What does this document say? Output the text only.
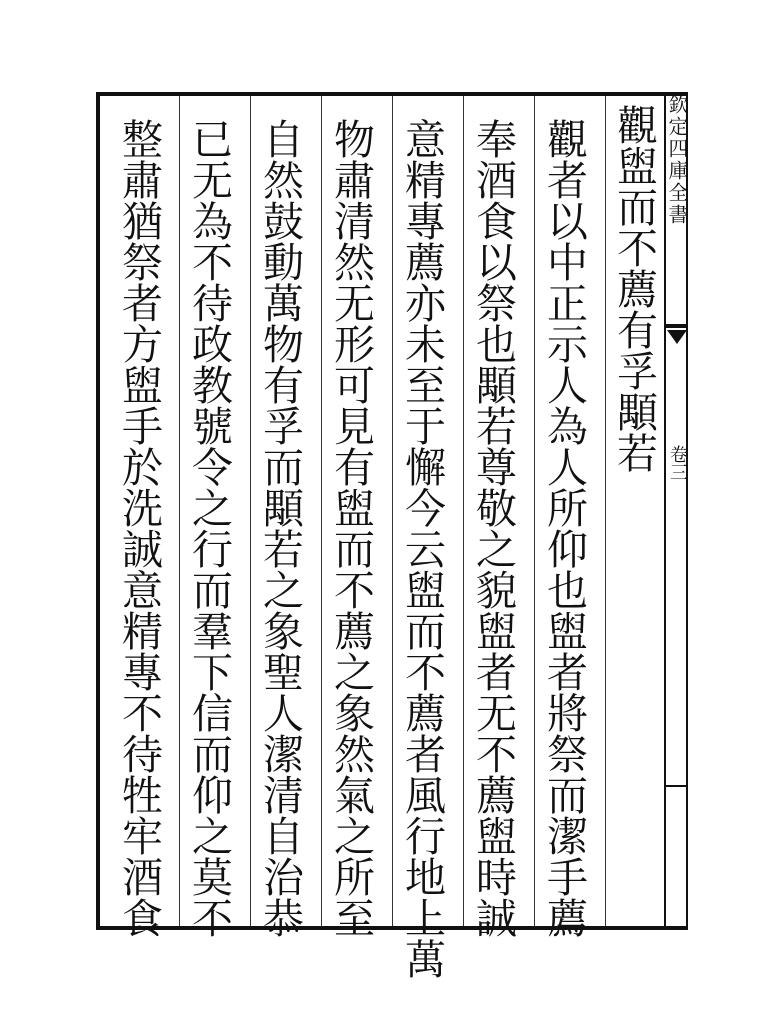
欽定四庫全書
卷三
觀盥而不薦有孚顒若
觀者以中正示人為人所仰也盥者將祭而潔手薦
奉酒食以祭也顒若尊敬之貌盥者无不薦盥時誠
意精專薦亦未至于懈今云盥而不薦者風行地上萬
物肅清然无形可見有盥而不薦之象然氣之所至
自然鼓動萬物有孚而顒若之象聖人潔清自治恭
已无為不待政教號令之行而羣下信而仰之莫不
整肅猶祭者方盥手於洗誠意精專不待牲牢酒食
